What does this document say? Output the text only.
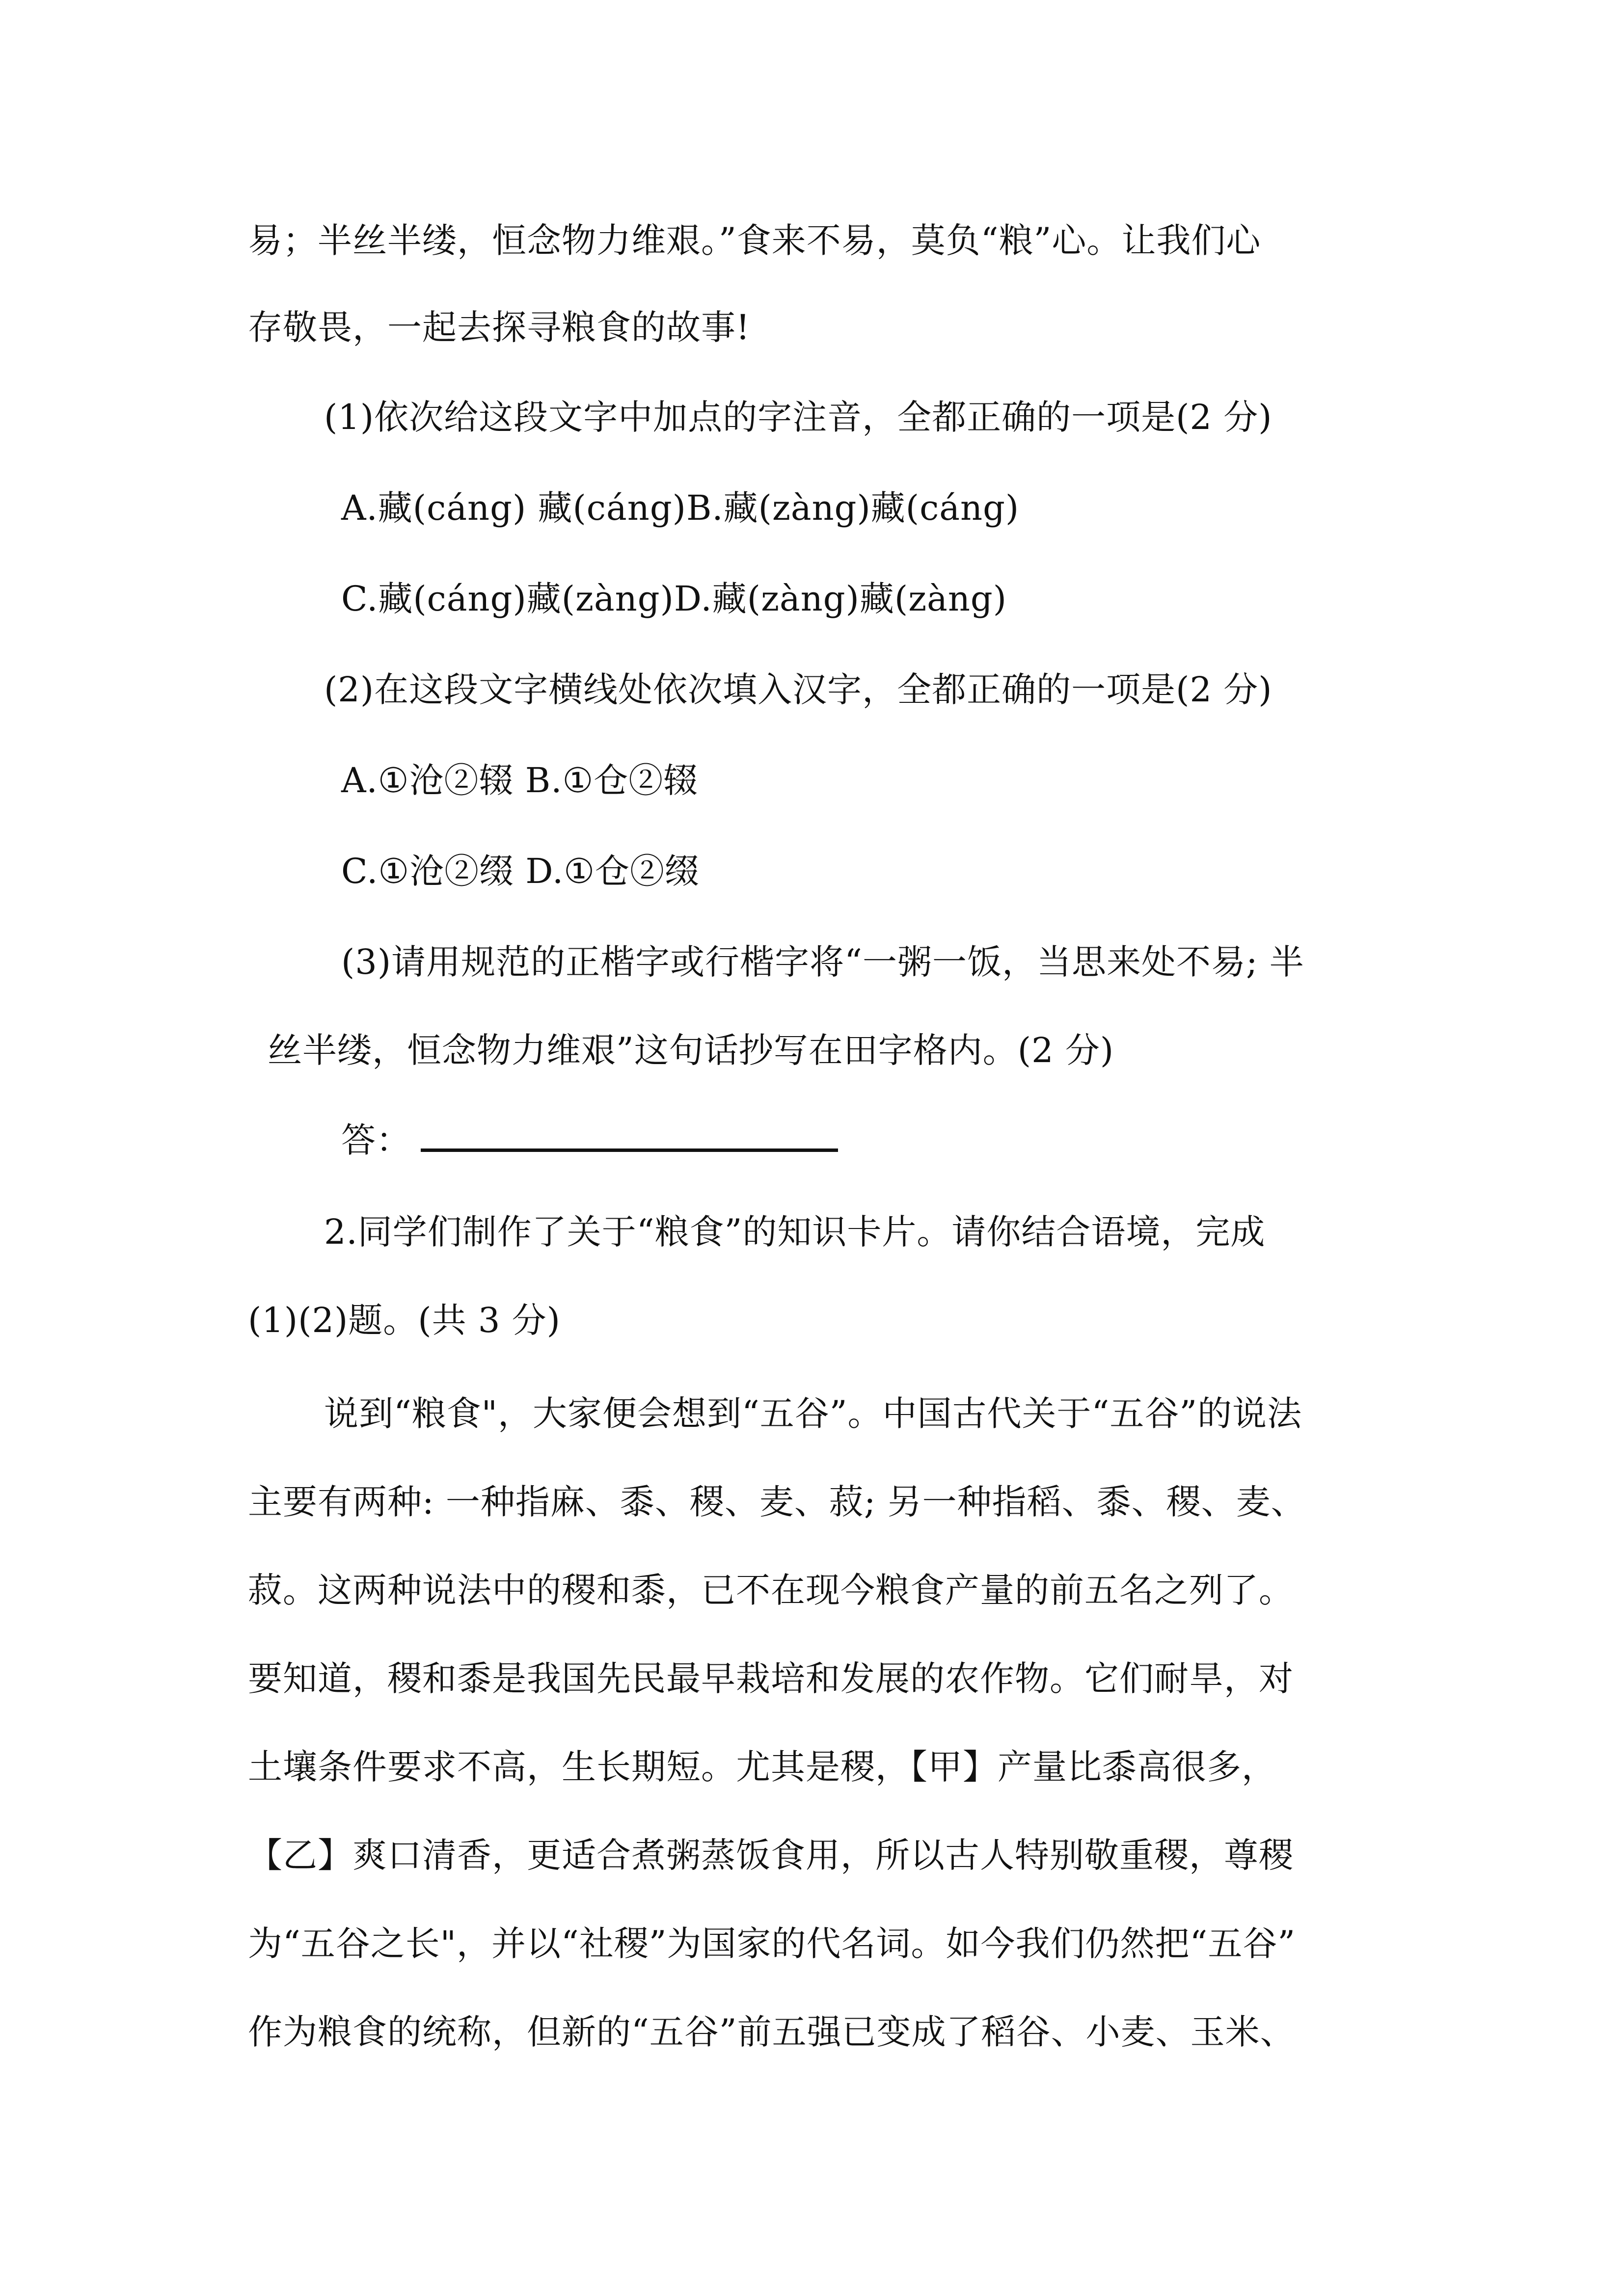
易；半丝半缕，恒念物力维艰。”食来不易，莫负“粮”心。让我们心
存敬畏，一起去探寻粮食的故事!
(1)依次给这段文字中加点的字注音，全都正确的一项是(2 分)
A.藏(cáng) 藏(cáng)B.藏(zàng)藏(cáng)
C.藏(cáng)藏(zàng)D.藏(zàng)藏(zàng)
(2)在这段文字横线处依次填入汉字，全都正确的一项是(2 分)
A.①沧②辍 B.①仓②辍
C.①沧②缀 D.①仓②缀
(3)请用规范的正楷字或行楷字将“一粥一饭，当思来处不易; 半
丝半缕，恒念物力维艰”这句话抄写在田字格内。(2 分)
答：
2.同学们制作了关于“粮食”的知识卡片。请你结合语境，完成
(1)(2)题。(共 3 分)
说到“粮食"，大家便会想到“五谷”。中国古代关于“五谷”的说法
主要有两种: 一种指麻、黍、稷、麦、菽; 另一种指稻、黍、稷、麦、
菽。这两种说法中的稷和黍，已不在现今粮食产量的前五名之列了。
要知道，稷和黍是我国先民最早栽培和发展的农作物。它们耐旱，对
土壤条件要求不高，生长期短。尤其是稷，【甲】产量比黍高很多，
【乙】爽口清香，更适合煮粥蒸饭食用，所以古人特别敬重稷，尊稷
为“五谷之长"，并以“社稷”为国家的代名词。如今我们仍然把“五谷”
作为粮食的统称，但新的“五谷”前五强已变成了稻谷、小麦、玉米、
